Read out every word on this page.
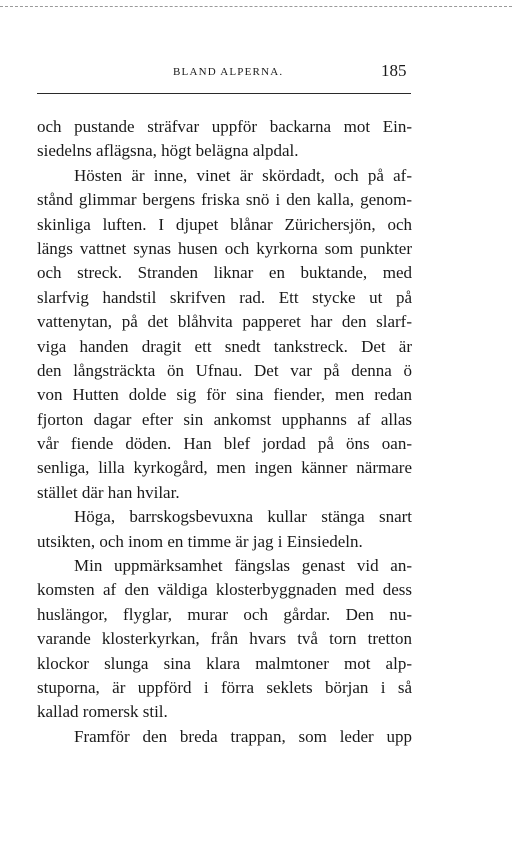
BLAND ALPERNA.	185
och pustande sträfvar uppför backarna mot Ein-
siedelns aflägsna, högt belägna alpdal.
Hösten är inne, vinet är skördadt, och på af-
stånd glimmar bergens friska snö i den kalla, genom-
skinliga luften. I djupet blånar Zürichersjön, och
längs vattnet synas husen och kyrkorna som punkter
och streck. Stranden liknar en buktande, med
slarfvig handstil skrifven rad. Ett stycke ut på
vattenytan, på det blåhvita papperet har den slarf-
viga handen dragit ett snedt tankstreck. Det är
den långsträckta ön Ufnau. Det var på denna ö
von Hutten dolde sig för sina fiender, men redan
fjorton dagar efter sin ankomst upphanns af allas
vår fiende döden. Han blef jordad på öns oan-
senliga, lilla kyrkogård, men ingen känner närmare
stället där han hvilar.
Höga, barrskogsbevuxna kullar stänga snart
utsikten, och inom en timme är jag i Einsiedeln.
Min uppmärksamhet fängslas genast vid an-
komsten af den väldiga klosterbyggnaden med dess
huslängor, flyglar, murar och gårdar. Den nu-
varande klosterkyrkan, från hvars två torn tretton
klockor slunga sina klara malmtoner mot alp-
stuporna, är uppförd i förra seklets början i så
kallad romersk stil.
Framför den breda trappan, som leder upp
